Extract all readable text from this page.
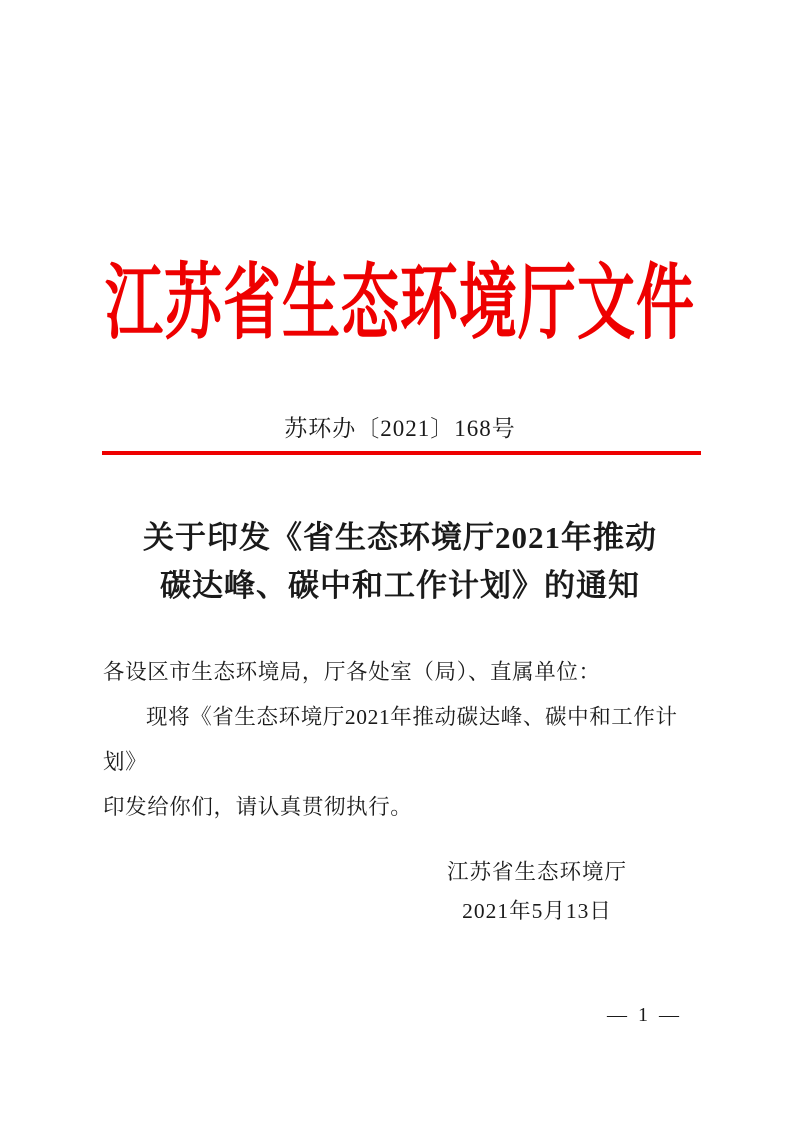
江苏省生态环境厅文件
苏环办〔2021〕168号
关于印发《省生态环境厅2021年推动
碳达峰、碳中和工作计划》的通知
各设区市生态环境局，厅各处室（局）、直属单位：
现将《省生态环境厅2021年推动碳达峰、碳中和工作计划》
印发给你们，请认真贯彻执行。
江苏省生态环境厅
2021年5月13日
— 1 —
